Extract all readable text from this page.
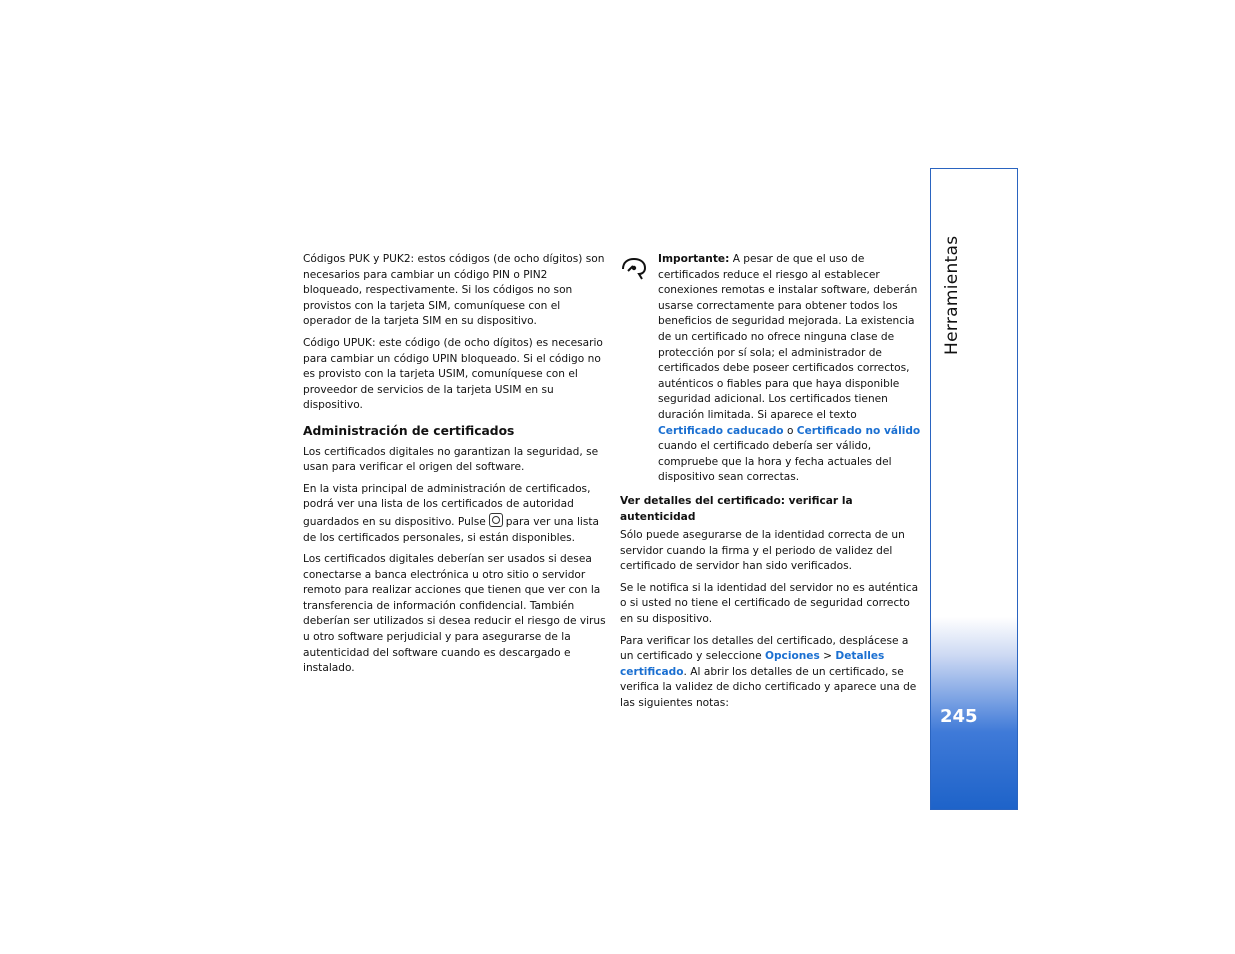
Códigos PUK y PUK2: estos códigos (de ocho dígitos) son necesarios para cambiar un código PIN o PIN2 bloqueado, respectivamente. Si los códigos no son provistos con la tarjeta SIM, comuníquese con el operador de la tarjeta SIM en su dispositivo.

Código UPUK: este código (de ocho dígitos) es necesario para cambiar un código UPIN bloqueado. Si el código no es provisto con la tarjeta USIM, comuníquese con el proveedor de servicios de la tarjeta USIM en su dispositivo.

Administración de certificados

Los certificados digitales no garantizan la seguridad, se usan para verificar el origen del software.

En la vista principal de administración de certificados, podrá ver una lista de los certificados de autoridad guardados en su dispositivo. Pulse para ver una lista de los certificados personales, si están disponibles.

Los certificados digitales deberían ser usados si desea conectarse a banca electrónica u otro sitio o servidor remoto para realizar acciones que tienen que ver con la transferencia de información confidencial. También deberían ser utilizados si desea reducir el riesgo de virus u otro software perjudicial y para asegurarse de la autenticidad del software cuando es descargado e instalado.

Importante: A pesar de que el uso de certificados reduce el riesgo al establecer conexiones remotas e instalar software, deberán usarse correctamente para obtener todos los beneficios de seguridad mejorada. La existencia de un certificado no ofrece ninguna clase de protección por sí sola; el administrador de certificados debe poseer certificados correctos, auténticos o fiables para que haya disponible seguridad adicional. Los certificados tienen duración limitada. Si aparece el texto Certificado caducado o Certificado no válido cuando el certificado debería ser válido, compruebe que la hora y fecha actuales del dispositivo sean correctas.
Ver detalles del certificado: verificar la autenticidad

Sólo puede asegurarse de la identidad correcta de un servidor cuando la firma y el periodo de validez del certificado de servidor han sido verificados.

Se le notifica si la identidad del servidor no es auténtica o si usted no tiene el certificado de seguridad correcto en su dispositivo.

Para verificar los detalles del certificado, desplácese a un certificado y seleccione Opciones > Detalles certificado. Al abrir los detalles de un certificado, se verifica la validez de dicho certificado y aparece una de las siguientes notas:

Herramientas
245
